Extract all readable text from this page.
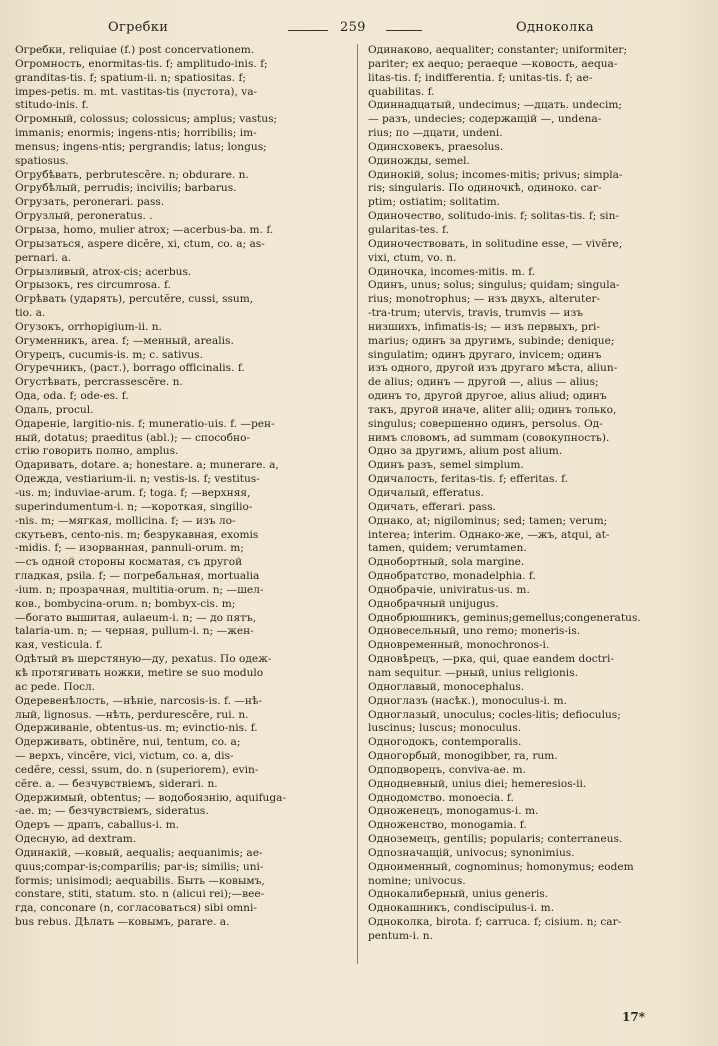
Огребки	259	Одноколка
Огребки, reliquiae (f.) post concervationem.
Огромность, enormitas-tis. f; amplitudo-inis. f;
granditas-tis. f; spatium-ii. n; spatiositas. f;
impes-petis. m. mt. vastitas-tis (пустота), va-
stitudo-inis. f.
Огромный, colossus; colossicus; amplus; vastus;
immanis; enormis; ingens-ntis; horribilis; im-
mensus; ingens-ntis; pergrandis; latus; longus;
spatiosus.
Огрубѣвать, perbrutescĕre. n; obdurare. n.
Огрубѣлый, perrudis; incivilis; barbarus.
Огрузать, peronerari. pass.
Огрузлый, peroneratus. .
Огрыза, homo, mulier atrox; —acerbus-ba. m. f.
Огрызаться, aspere dicĕre, xi, ctum, co. a; as-
pernari. a.
Огрызливый, atrox-cis; acerbus.
Огрызокъ, res circumrosa. f.
Огрѣвать (ударять), percutĕre, cussi, ssum,
tio. a.
Огузокъ, orrhopigium-ii. n.
Огуменникъ, area. f; —менный, arealis.
Огурецъ, cucumis-is. m; c. sativus.
Огуречникъ, (раст.), borrago officinalis. f.
Огустѣвать, percrassescĕre. n.
Ода, oda. f; ode-es. f.
Одаль, procul.
Одареніе, largitio-nis. f; muneratio-uis. f. —рен-
ный, dotatus; praeditus (abl.); — способно-
стію говорить полно, amplus.
Одаривать, dotare. a; honestare. a; munerare. a,
Одежда, vestiarium-ii. n; vestis-is. f; vestitus-
-us. m; induviae-arum. f; toga. f; —верхняя,
superindumentum-i. n; —короткая, singilio-
-nis. m; —мягкая, mollicina. f; — изъ ло-
скутьевъ, cento-nis. m; безрукавная, exomis
-midis. f; — изорванная, pannuli-orum. m;
—съ одной стороны косматая, съ другой
гладкая, psila. f; — погребальная, mortualia
-ium. n; прозрачная, multitia-orum. n; —шел-
ков., bombycina-orum. n; bombyx-cis. m;
—богато вышитая, aulaeum-i. n; — до пятъ,
talaria-um. n; — черная, pullum-i. n; —жен-
кая, vesticula. f.
Одѣтый въ шерстяную—ду, pexatus. По одеж-
кѣ протягивать ножки, metire se suo modulo
ac pede. Посл.
Одеревенѣлость, —нѣніе, narcosis-is. f. —нѣ-
лый, lignosus. —нѣть, perdurescĕre, rui. n.
Одерживаніе, obtentus-us. m; evinctio-nis. f.
Одерживать, obtinĕre, nui, tentum, co. a;
— верхъ, vincĕre, vici, victum, co. a, dis-
cedĕre, cessi, ssum, do. n (superiorem), evin-
cĕre. a. — безчувствіемъ, siderari. n.
Одержимый, obtentus; — водобоязнію, aquifuga-
-ae. m; — безчувствіемъ, sideratus.
Одеръ — драпъ, caballus-i. m.
Одесную, ad dextram.
Одинакій, —ковый, aequalis; aequanimis; ae-
quus;compar-is;comparilis; par-is; similis; uni-
formis; unisimodi; aequabilis. Быть —ковымъ,
constare, stiti, statum. sto. n (alicui rei);—вее-
гда, conconare (n, согласоваться) sibi omni-
bus rebus. Дѣлать —ковымъ, parare. a.
Одинаково, aequaliter; constanter; uniformiter;
pariter; ex aequo; peraeque —ковость, aequa-
litas-tis. f; indifferentia. f; unitas-tis. f; ae-
quabilitas. f.
Одиннадцатый, undecimus; —дцать. undecim;
— разъ, undecies; содержащій —, undena-
rius; по —дцати, undeni.
Одинсховекъ, praesolus.
Одиножды, semel.
Одинокій, solus; incomes-mitis; privus; simpla-
ris; singularis. По одиночкѣ, одиноко. car-
ptim; ostiatim; solitatim.
Одиночество, solitudo-inis. f; solitas-tis. f; sin-
gularitas-tes. f.
Одиночествовать, in solitudine esse, — vivĕre,
vixi, ctum, vo. n.
Одиночка, incomes-mitis. m. f.
Одинъ, unus; solus; singulus; quidam; singula-
rius; monotrophus; — изъ двухъ, alteruter-
-tra-trum; utervis, travis, trumvis — изъ
низшихъ, infimatis-is; — изъ первыхъ, pri-
marius; одинъ за другимъ, subinde; denique;
singulatim; одинъ другаго, invicem; одинъ
изъ одного, другой изъ другаго мѣста, aliun-
de alius; одинъ — другой —, alius — alius;
одинъ то, другой другое, alius aliud; одинъ
такъ, другой иначе, aliter alii; одинъ только,
singulus; совершенно одинъ, persolus. Од-
нимъ словомъ, ad summam (совокупность).
Одно за другимъ, alium post alium.
Одинъ разъ, semel simplum.
Одичалость, feritas-tis. f; efferitas. f.
Одичалый, efferatus.
Одичать, efferari. pass.
Однако, at; nigilominus; sed; tamen; verum;
interea; interim. Однако-же, —жъ, atqui, at-
tamen, quidem; verumtamen.
Однобортный, sola margine.
Однобратство, monadelphia. f.
Однобрачіе, univiratus-us. m.
Однобрачный unijugus.
Однобрюшникъ, geminus;gemellus;congeneratus.
Одновесельный, uno remo; moneris-is.
Одновременный, monochronos-i.
Одновѣрецъ, —рка, qui, quae eandem doctri-
nam sequitur. —рный, unius religionis.
Одноглавый, monocephalus.
Одноглазъ (насѣк.), monoculus-i. m.
Одноглазый, unoculus; cocles-litis; defioculus;
luscinus; luscus; monoculus.
Одногодокъ, contemporalis.
Одногорбый, monogibber, ra, rum.
Одподворецъ, conviva-ae. m.
Однодневный, unius diei; hemeresios-ii.
Однодомство. monoecia. f.
Одноженецъ, monogamus-i. m.
Одноженство, monogamia. f.
Одноземецъ, gentilis; popularis; conterraneus.
Одпозначащій, univocus; synonimius.
Одноименный, cognominus; homonymus; eodem
nomine; univocus.
Однокалиберный, unius generis.
Однокашникъ, condiscipulus-i. m.
Одноколка, birota. f; carruca. f; cisium. n; car-
pentum-i. n.
17*
